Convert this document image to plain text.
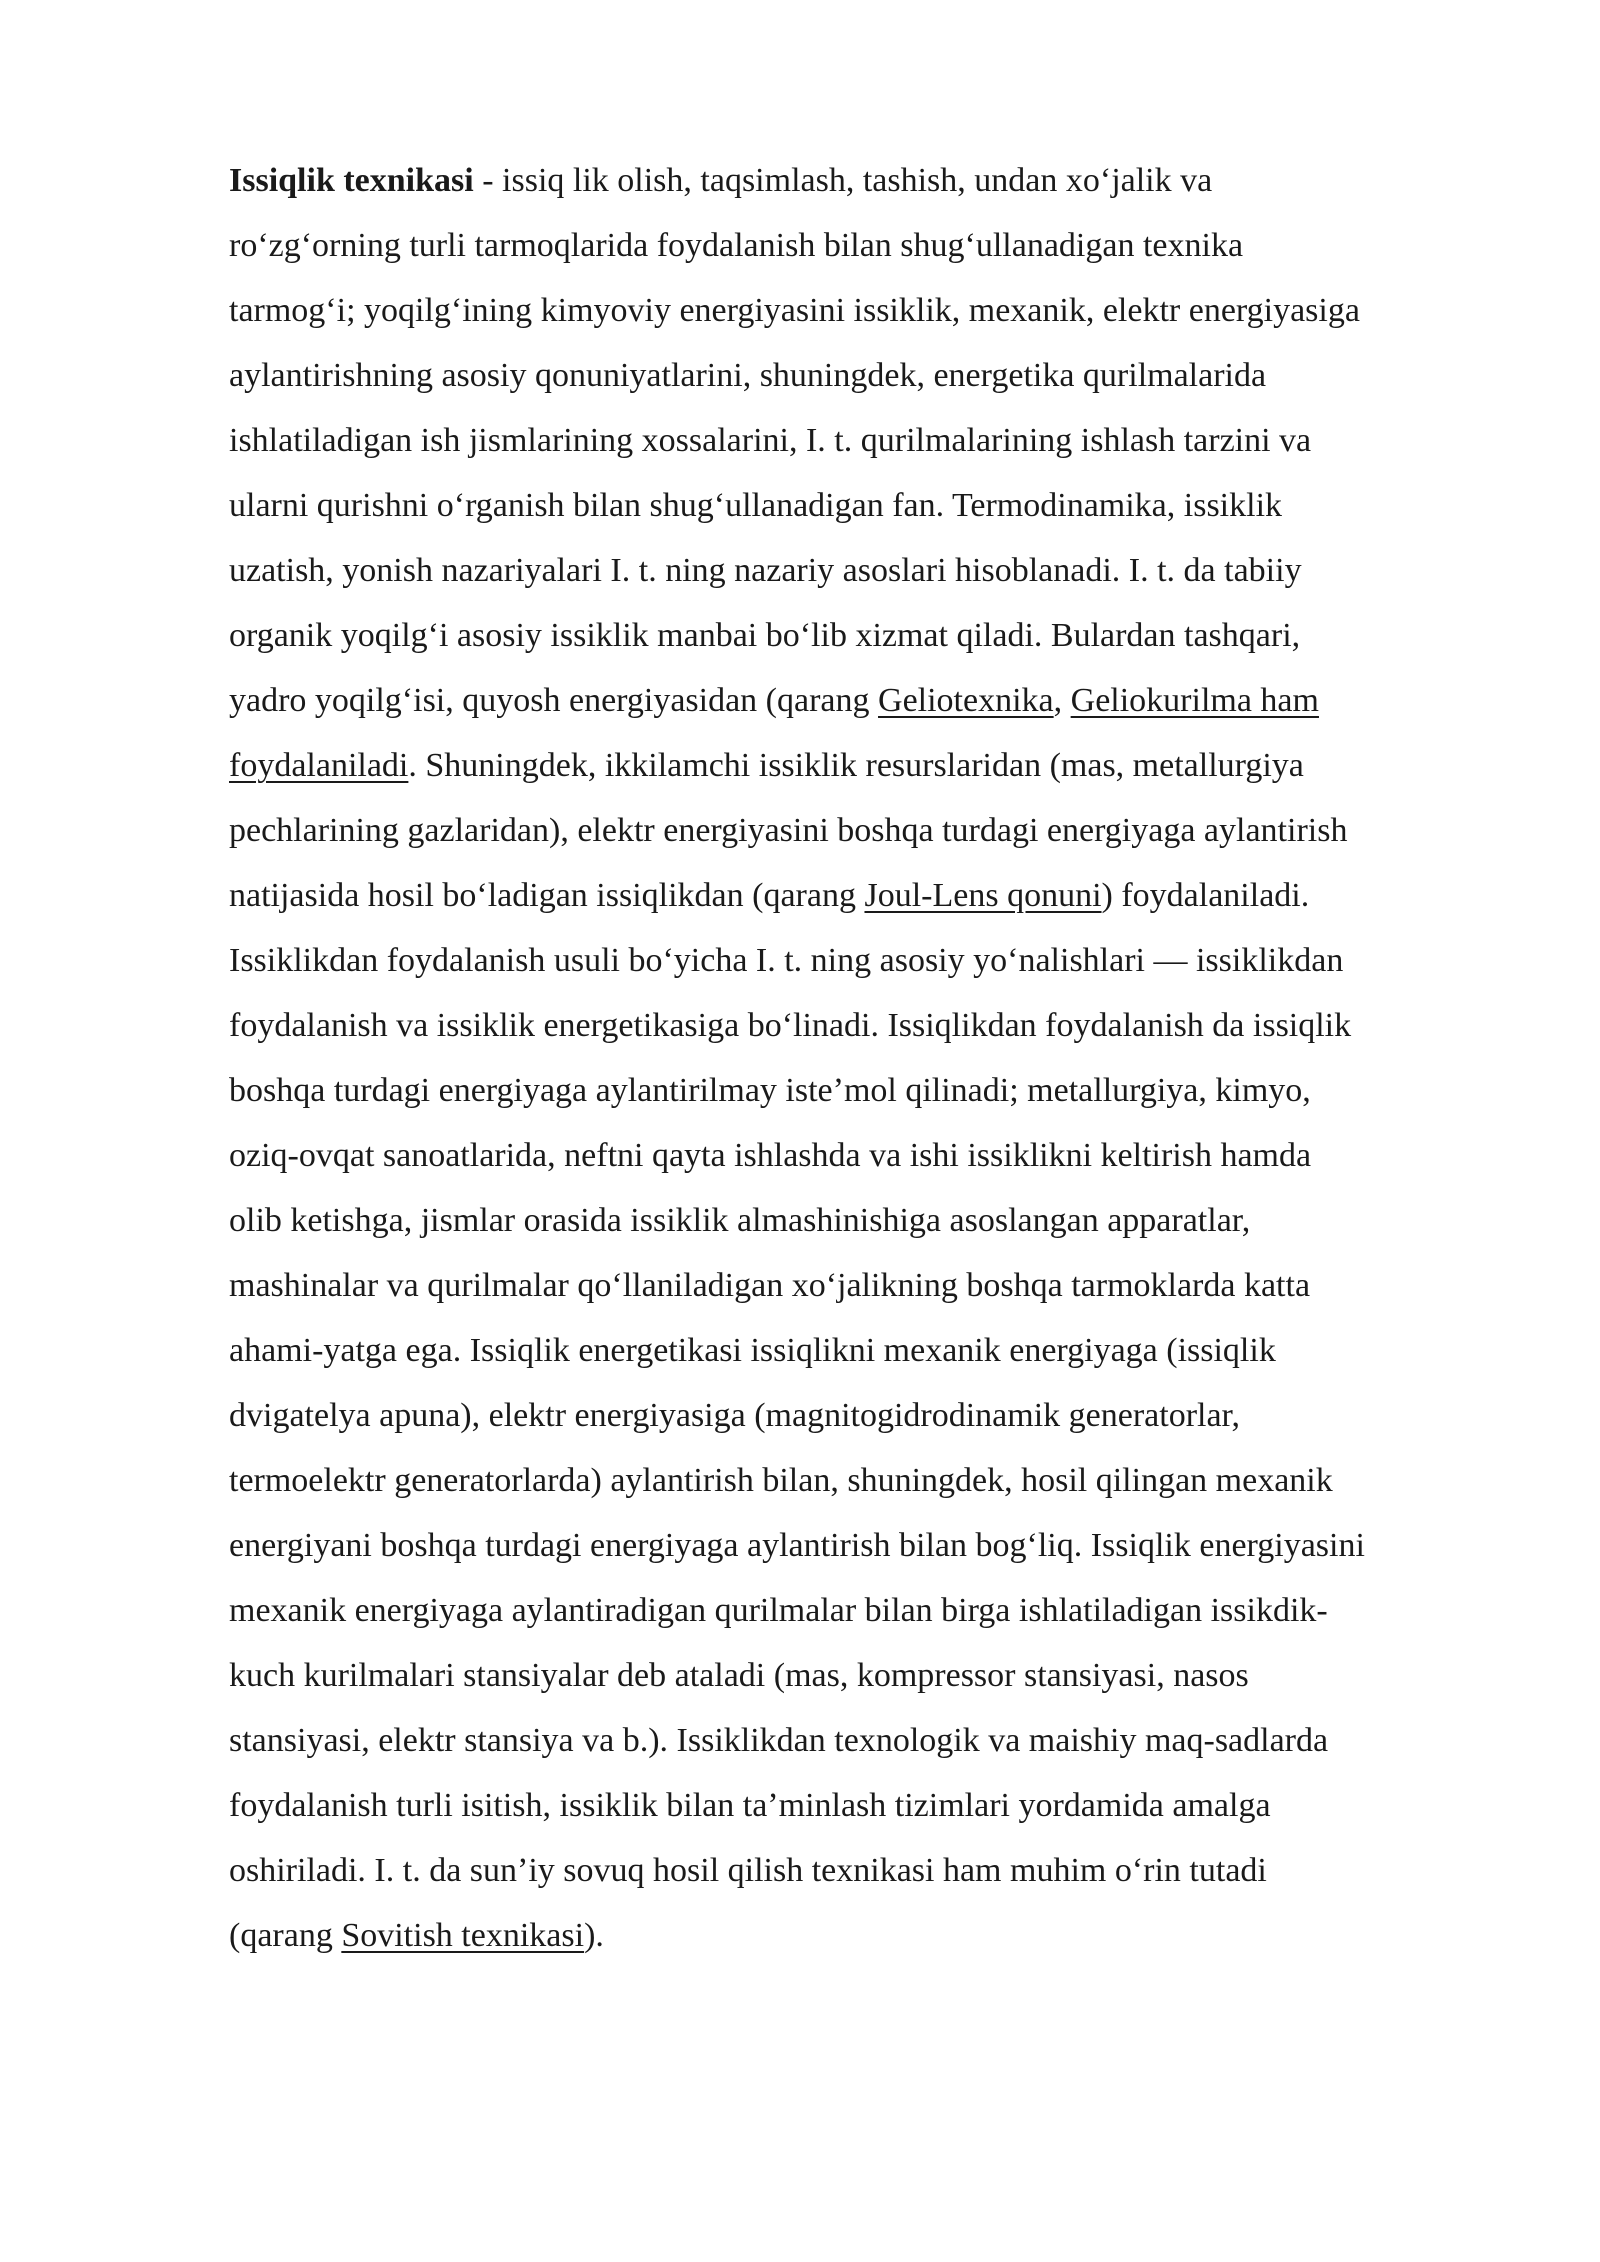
Issiqlik texnikasi - issiq lik olish, taqsimlash, tashish, undan xoʻjalik va
roʻzgʻorning turli tarmoqlarida foydalanish bilan shugʻullanadigan texnika
tarmogʻi; yoqilgʻining kimyoviy energiyasini issiklik, mexanik, elektr energiyasiga
aylantirishning asosiy qonuniyatlarini, shuningdek, energetika qurilmalarida
ishlatiladigan ish jismlarining xossalarini, I. t. qurilmalarining ishlash tarzini va
ularni qurishni oʻrganish bilan shugʻullanadigan fan. Termodinamika, issiklik
uzatish, yonish nazariyalari I. t. ning nazariy asoslari hisoblanadi. I. t. da tabiiy
organik yoqilgʻi asosiy issiklik manbai boʻlib xizmat qiladi. Bulardan tashqari,
yadro yoqilgʻisi, quyosh energiyasidan (qarang Geliotexnika, Geliokurilma ham
foydalaniladi. Shuningdek, ikkilamchi issiklik resurslaridan (mas, metallurgiya
pechlarining gazlaridan), elektr energiyasini boshqa turdagi energiyaga aylantirish
natijasida hosil boʻladigan issiqlikdan (qarang Joul-Lens qonuni) foydalaniladi.
Issiklikdan foydalanish usuli boʻyicha I. t. ning asosiy yoʻnalishlari — issiklikdan
foydalanish va issiklik energetikasiga boʻlinadi. Issiqlikdan foydalanish da issiqlik
boshqa turdagi energiyaga aylantirilmay isteʼmol qilinadi; metallurgiya, kimyo,
oziq-ovqat sanoatlarida, neftni qayta ishlashda va ishi issiklikni keltirish hamda
olib ketishga, jismlar orasida issiklik almashinishiga asoslangan apparatlar,
mashinalar va qurilmalar qoʻllaniladigan xoʻjalikning boshqa tarmoklarda katta
ahami-yatga ega. Issiqlik energetikasi issiqlikni mexanik energiyaga (issiqlik
dvigatelya apuna), elektr energiyasiga (magnitogidrodinamik generatorlar,
termoelektr generatorlarda) aylantirish bilan, shuningdek, hosil qilingan mexanik
energiyani boshqa turdagi energiyaga aylantirish bilan bogʻliq. Issiqlik energiyasini
mexanik energiyaga aylantiradigan qurilmalar bilan birga ishlatiladigan issikdik-
kuch kurilmalari stansiyalar deb ataladi (mas, kompressor stansiyasi, nasos
stansiyasi, elektr stansiya va b.). Issiklikdan texnologik va maishiy maq-sadlarda
foydalanish turli isitish, issiklik bilan taʼminlash tizimlari yordamida amalga
oshiriladi. I. t. da sunʼiy sovuq hosil qilish texnikasi ham muhim oʻrin tutadi
(qarang Sovitish texnikasi).
